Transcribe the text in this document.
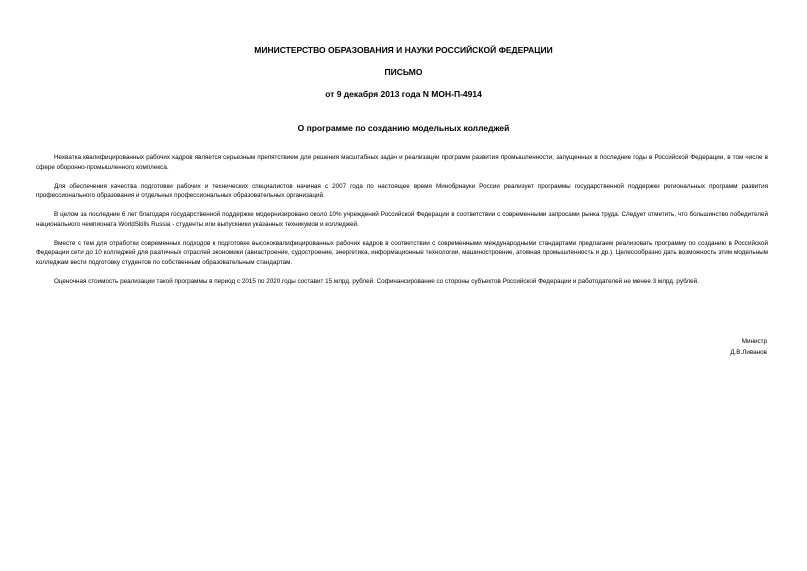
МИНИСТЕРСТВО ОБРАЗОВАНИЯ И НАУКИ РОССИЙСКОЙ ФЕДЕРАЦИИ
ПИСЬМО
от 9 декабря 2013 года N МОН-П-4914
О программе по созданию модельных колледжей

Нехватка квалифицированных рабочих кадров является серьезным препятствием для решения масштабных задач и реализации программ развития промышленности, запущенных в последние годы в Российской Федерации, в том числе в сфере оборонно-промышленного комплекса.

Для обеспечения качества подготовки рабочих и технических специалистов начиная с 2007 года по настоящее время Минобрнауки России реализует программы государственной поддержки региональных программ развития профессионального образования и отдельных профессиональных образовательных организаций.

В целом за последние 6 лет благодаря государственной поддержке модернизировано около 10% учреждений Российской Федерации в соответствии с современными запросами рынка труда. Следует отметить, что большинство победителей национального чемпионата WorldSkills Russia - студенты или выпускники указанных техникумов и колледжей.

Вместе с тем для отработки современных подходов к подготовке высококвалифицированных рабочих кадров в соответствии с современными международными стандартами предлагаем реализовать программу по созданию в Российской Федерации сети до 10 колледжей для различных отраслей экономики (авиастроение, судостроение, энергетика, информационные технологии, машиностроение, атомная промышленность и др.). Целесообразно дать возможность этим модельным колледжам вести подготовку студентов по собственным образовательным стандартам.

Оценочная стоимость реализации такой программы в период с 2015 по 2020 годы составит 15 млрд. рублей. Софинансирование со стороны субъектов Российской Федерации и работодателей не менее 3 млрд. рублей.

Министр
Д.В.Ливанов
